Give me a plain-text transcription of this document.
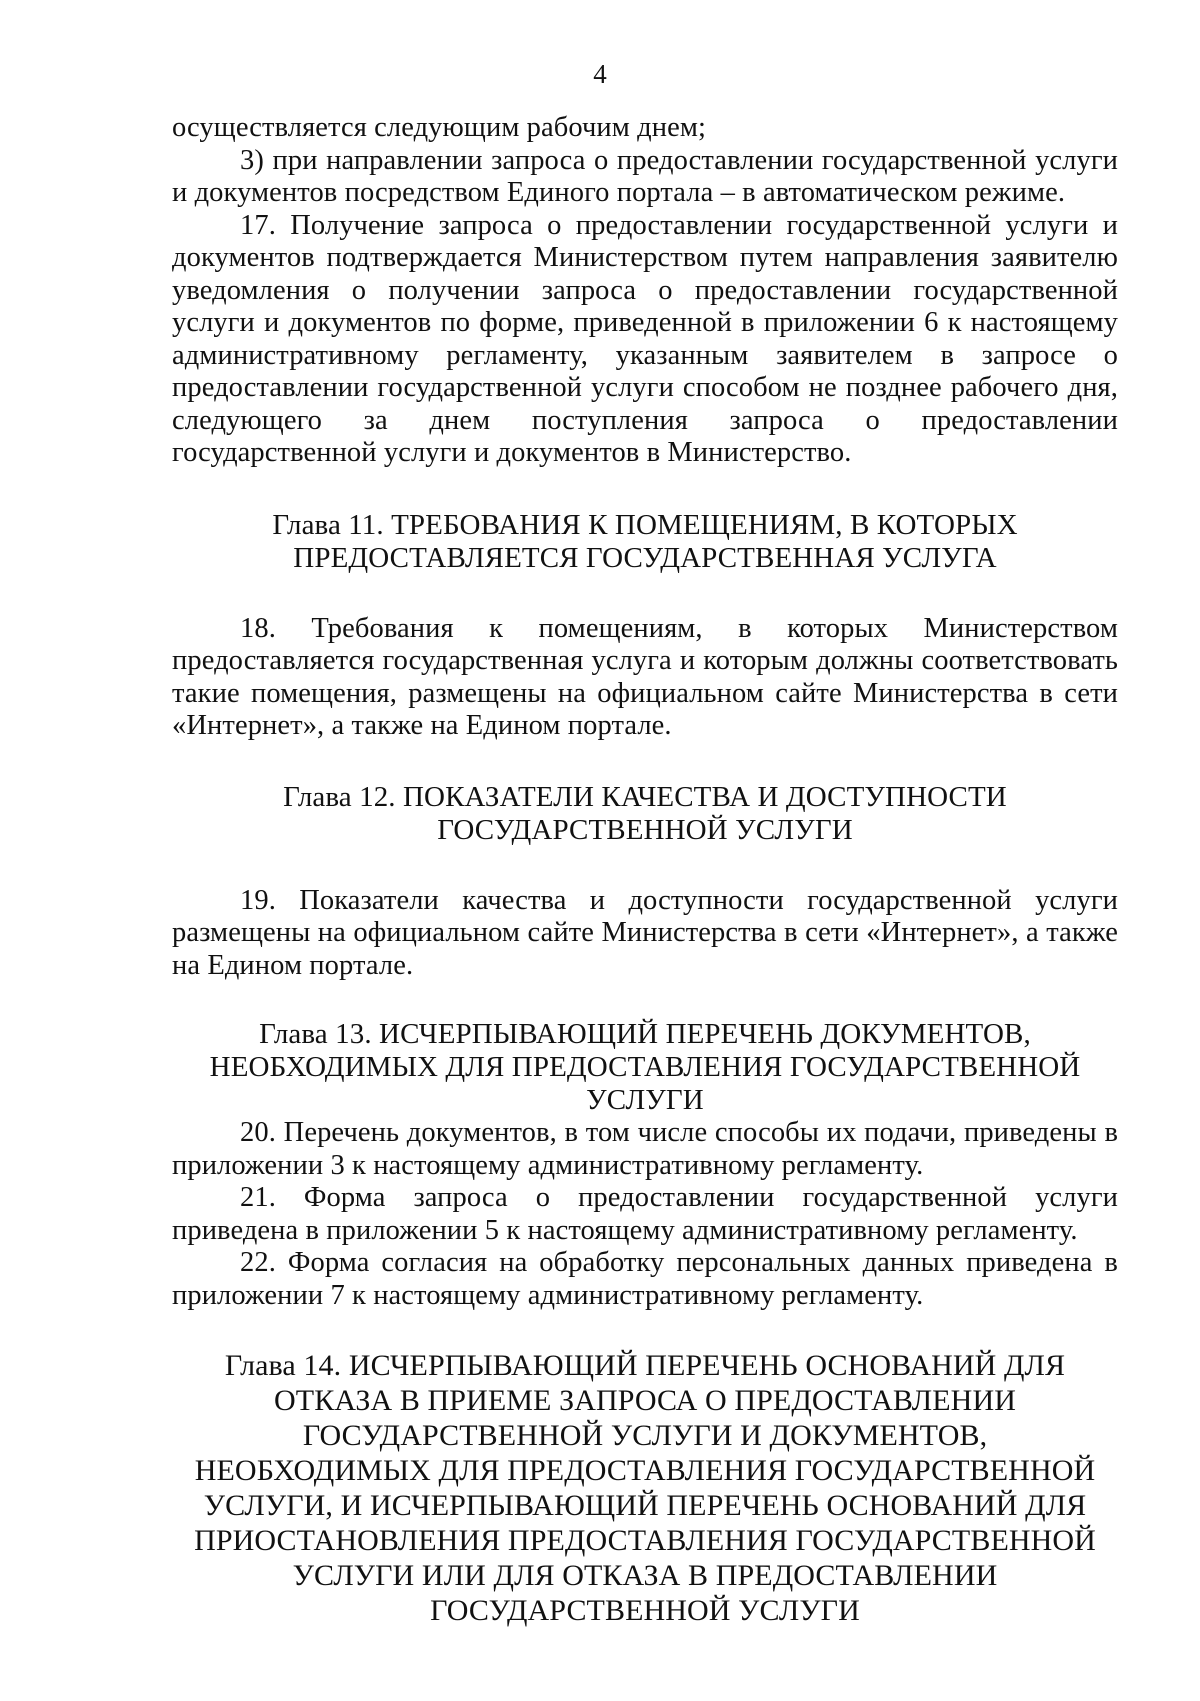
4

осуществляется следующим рабочим днем;

3) при направлении запроса о предоставлении государственной услуги и документов посредством Единого портала – в автоматическом режиме.

17. Получение запроса о предоставлении государственной услуги и документов подтверждается Министерством путем направления заявителю уведомления о получении запроса о предоставлении государственной услуги и документов по форме, приведенной в приложении 6 к настоящему административному регламенту, указанным заявителем в запросе о предоставлении государственной услуги способом не позднее рабочего дня, следующего за днем поступления запроса о предоставлении государственной услуги и документов в Министерство.

Глава 11. ТРЕБОВАНИЯ К ПОМЕЩЕНИЯМ, В КОТОРЫХ ПРЕДОСТАВЛЯЕТСЯ ГОСУДАРСТВЕННАЯ УСЛУГА

18. Требования к помещениям, в которых Министерством предоставляется государственная услуга и которым должны соответствовать такие помещения, размещены на официальном сайте Министерства в сети «Интернет», а также на Едином портале.

Глава 12. ПОКАЗАТЕЛИ КАЧЕСТВА И ДОСТУПНОСТИ ГОСУДАРСТВЕННОЙ УСЛУГИ

19. Показатели качества и доступности государственной услуги размещены на официальном сайте Министерства в сети «Интернет», а также на Едином портале.

Глава 13. ИСЧЕРПЫВАЮЩИЙ ПЕРЕЧЕНЬ ДОКУМЕНТОВ, НЕОБХОДИМЫХ ДЛЯ ПРЕДОСТАВЛЕНИЯ ГОСУДАРСТВЕННОЙ УСЛУГИ

20. Перечень документов, в том числе способы их подачи, приведены в приложении 3 к настоящему административному регламенту.

21. Форма запроса о предоставлении государственной услуги приведена в приложении 5 к настоящему административному регламенту.

22. Форма согласия на обработку персональных данных приведена в приложении 7 к настоящему административному регламенту.

Глава 14. ИСЧЕРПЫВАЮЩИЙ ПЕРЕЧЕНЬ ОСНОВАНИЙ ДЛЯ ОТКАЗА В ПРИЕМЕ ЗАПРОСА О ПРЕДОСТАВЛЕНИИ ГОСУДАРСТВЕННОЙ УСЛУГИ И ДОКУМЕНТОВ, НЕОБХОДИМЫХ ДЛЯ ПРЕДОСТАВЛЕНИЯ ГОСУДАРСТВЕННОЙ УСЛУГИ, И ИСЧЕРПЫВАЮЩИЙ ПЕРЕЧЕНЬ ОСНОВАНИЙ ДЛЯ ПРИОСТАНОВЛЕНИЯ ПРЕДОСТАВЛЕНИЯ ГОСУДАРСТВЕННОЙ УСЛУГИ ИЛИ ДЛЯ ОТКАЗА В ПРЕДОСТАВЛЕНИИ ГОСУДАРСТВЕННОЙ УСЛУГИ
